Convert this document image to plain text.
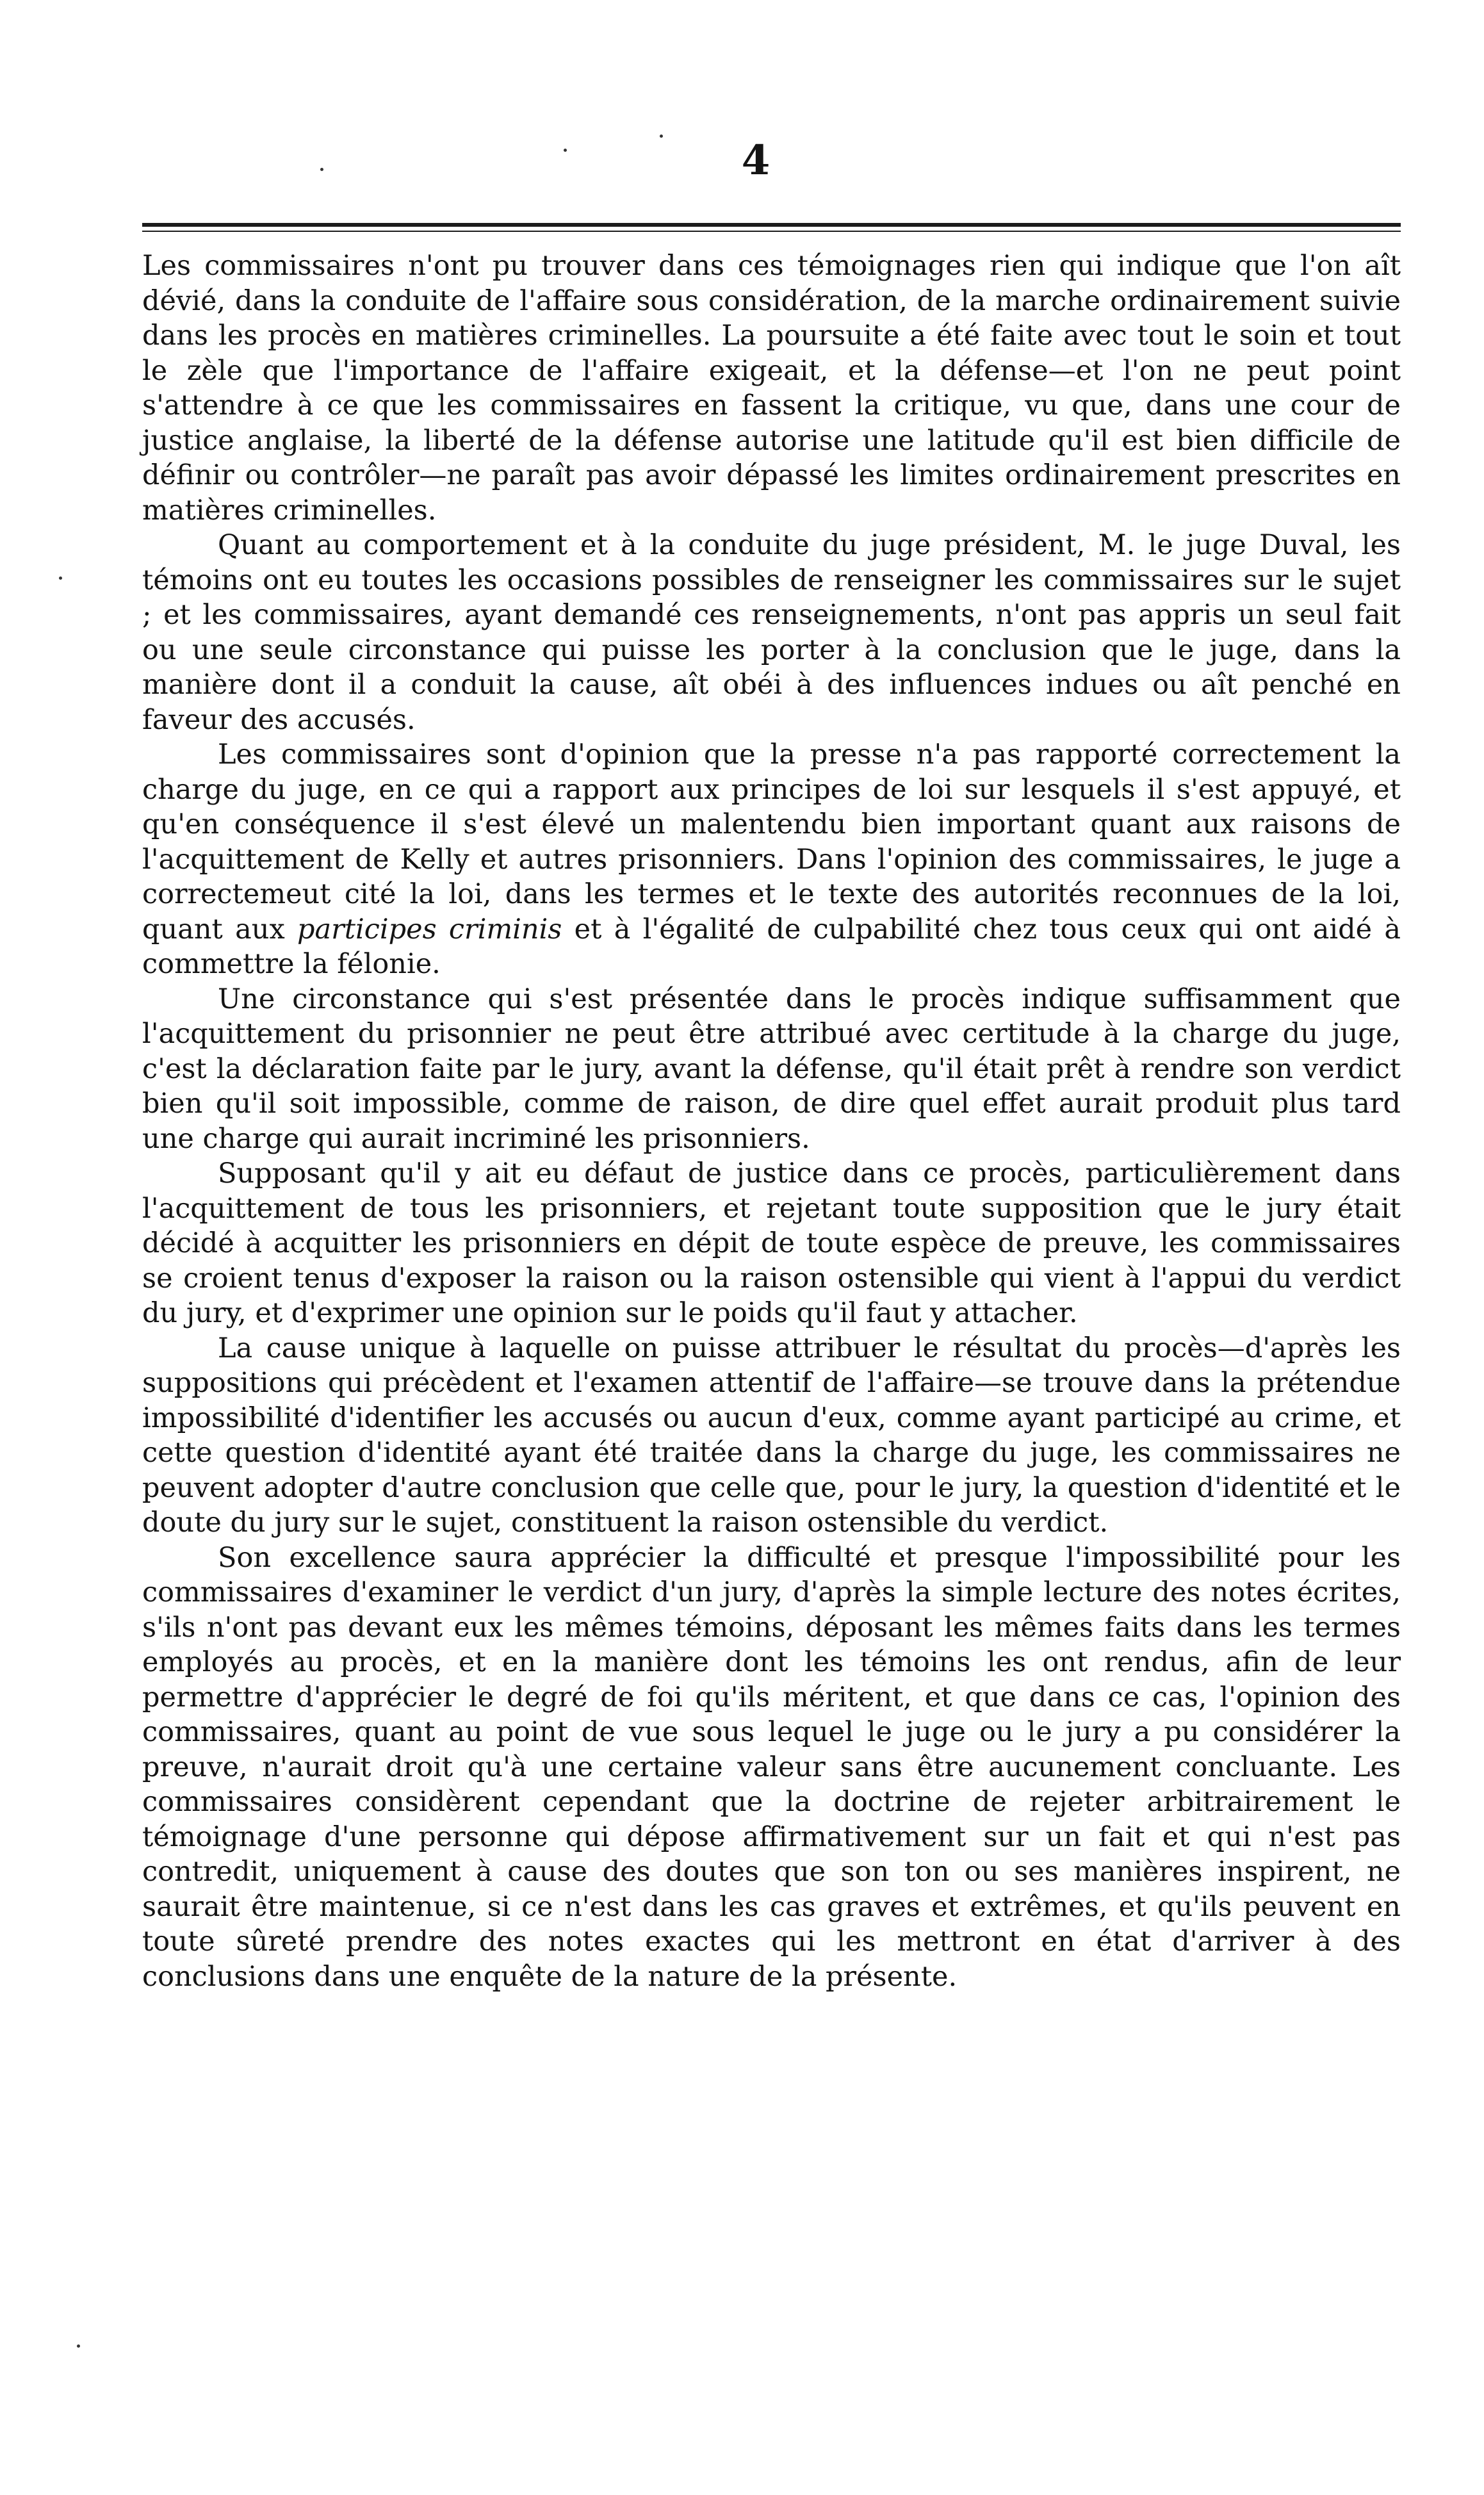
4

Les commissaires n'ont pu trouver dans ces témoignages rien qui indique que l'on aît dévié, dans la conduite de l'affaire sous considération, de la marche ordinairement suivie dans les procès en matières criminelles. La poursuite a été faite avec tout le soin et tout le zèle que l'importance de l'affaire exigeait, et la défense—et l'on ne peut point s'attendre à ce que les commissaires en fassent la critique, vu que, dans une cour de justice anglaise, la liberté de la défense autorise une latitude qu'il est bien difficile de définir ou contrôler—ne paraît pas avoir dépassé les limites ordinairement prescrites en matières criminelles.

Quant au comportement et à la conduite du juge président, M. le juge Duval, les témoins ont eu toutes les occasions possibles de renseigner les commissaires sur le sujet ; et les commissaires, ayant demandé ces renseignements, n'ont pas appris un seul fait ou une seule circonstance qui puisse les porter à la conclusion que le juge, dans la manière dont il a conduit la cause, aît obéi à des influences indues ou aît penché en faveur des accusés.

Les commissaires sont d'opinion que la presse n'a pas rapporté correctement la charge du juge, en ce qui a rapport aux principes de loi sur lesquels il s'est appuyé, et qu'en conséquence il s'est élevé un malentendu bien important quant aux raisons de l'acquittement de Kelly et autres prisonniers. Dans l'opinion des commissaires, le juge a correctemeut cité la loi, dans les termes et le texte des autorités reconnues de la loi, quant aux participes criminis et à l'égalité de culpabilité chez tous ceux qui ont aidé à commettre la félonie.

Une circonstance qui s'est présentée dans le procès indique suffisamment que l'acquittement du prisonnier ne peut être attribué avec certitude à la charge du juge, c'est la déclaration faite par le jury, avant la défense, qu'il était prêt à rendre son verdict bien qu'il soit impossible, comme de raison, de dire quel effet aurait produit plus tard une charge qui aurait incriminé les prisonniers.

Supposant qu'il y ait eu défaut de justice dans ce procès, particulièrement dans l'acquittement de tous les prisonniers, et rejetant toute supposition que le jury était décidé à acquitter les prisonniers en dépit de toute espèce de preuve, les commissaires se croient tenus d'exposer la raison ou la raison ostensible qui vient à l'appui du verdict du jury, et d'exprimer une opinion sur le poids qu'il faut y attacher.

La cause unique à laquelle on puisse attribuer le résultat du procès—d'après les suppositions qui précèdent et l'examen attentif de l'affaire—se trouve dans la prétendue impossibilité d'identifier les accusés ou aucun d'eux, comme ayant participé au crime, et cette question d'identité ayant été traitée dans la charge du juge, les commissaires ne peuvent adopter d'autre conclusion que celle que, pour le jury, la question d'identité et le doute du jury sur le sujet, constituent la raison ostensible du verdict.

Son excellence saura apprécier la difficulté et presque l'impossibilité pour les commissaires d'examiner le verdict d'un jury, d'après la simple lecture des notes écrites, s'ils n'ont pas devant eux les mêmes témoins, déposant les mêmes faits dans les termes employés au procès, et en la manière dont les témoins les ont rendus, afin de leur permettre d'apprécier le degré de foi qu'ils méritent, et que dans ce cas, l'opinion des commissaires, quant au point de vue sous lequel le juge ou le jury a pu considérer la preuve, n'aurait droit qu'à une certaine valeur sans être aucunement concluante. Les commissaires considèrent cependant que la doctrine de rejeter arbitrairement le témoignage d'une personne qui dépose affirmativement sur un fait et qui n'est pas contredit, uniquement à cause des doutes que son ton ou ses manières inspirent, ne saurait être maintenue, si ce n'est dans les cas graves et extrêmes, et qu'ils peuvent en toute sûreté prendre des notes exactes qui les mettront en état d'arriver à des conclusions dans une enquête de la nature de la présente.
